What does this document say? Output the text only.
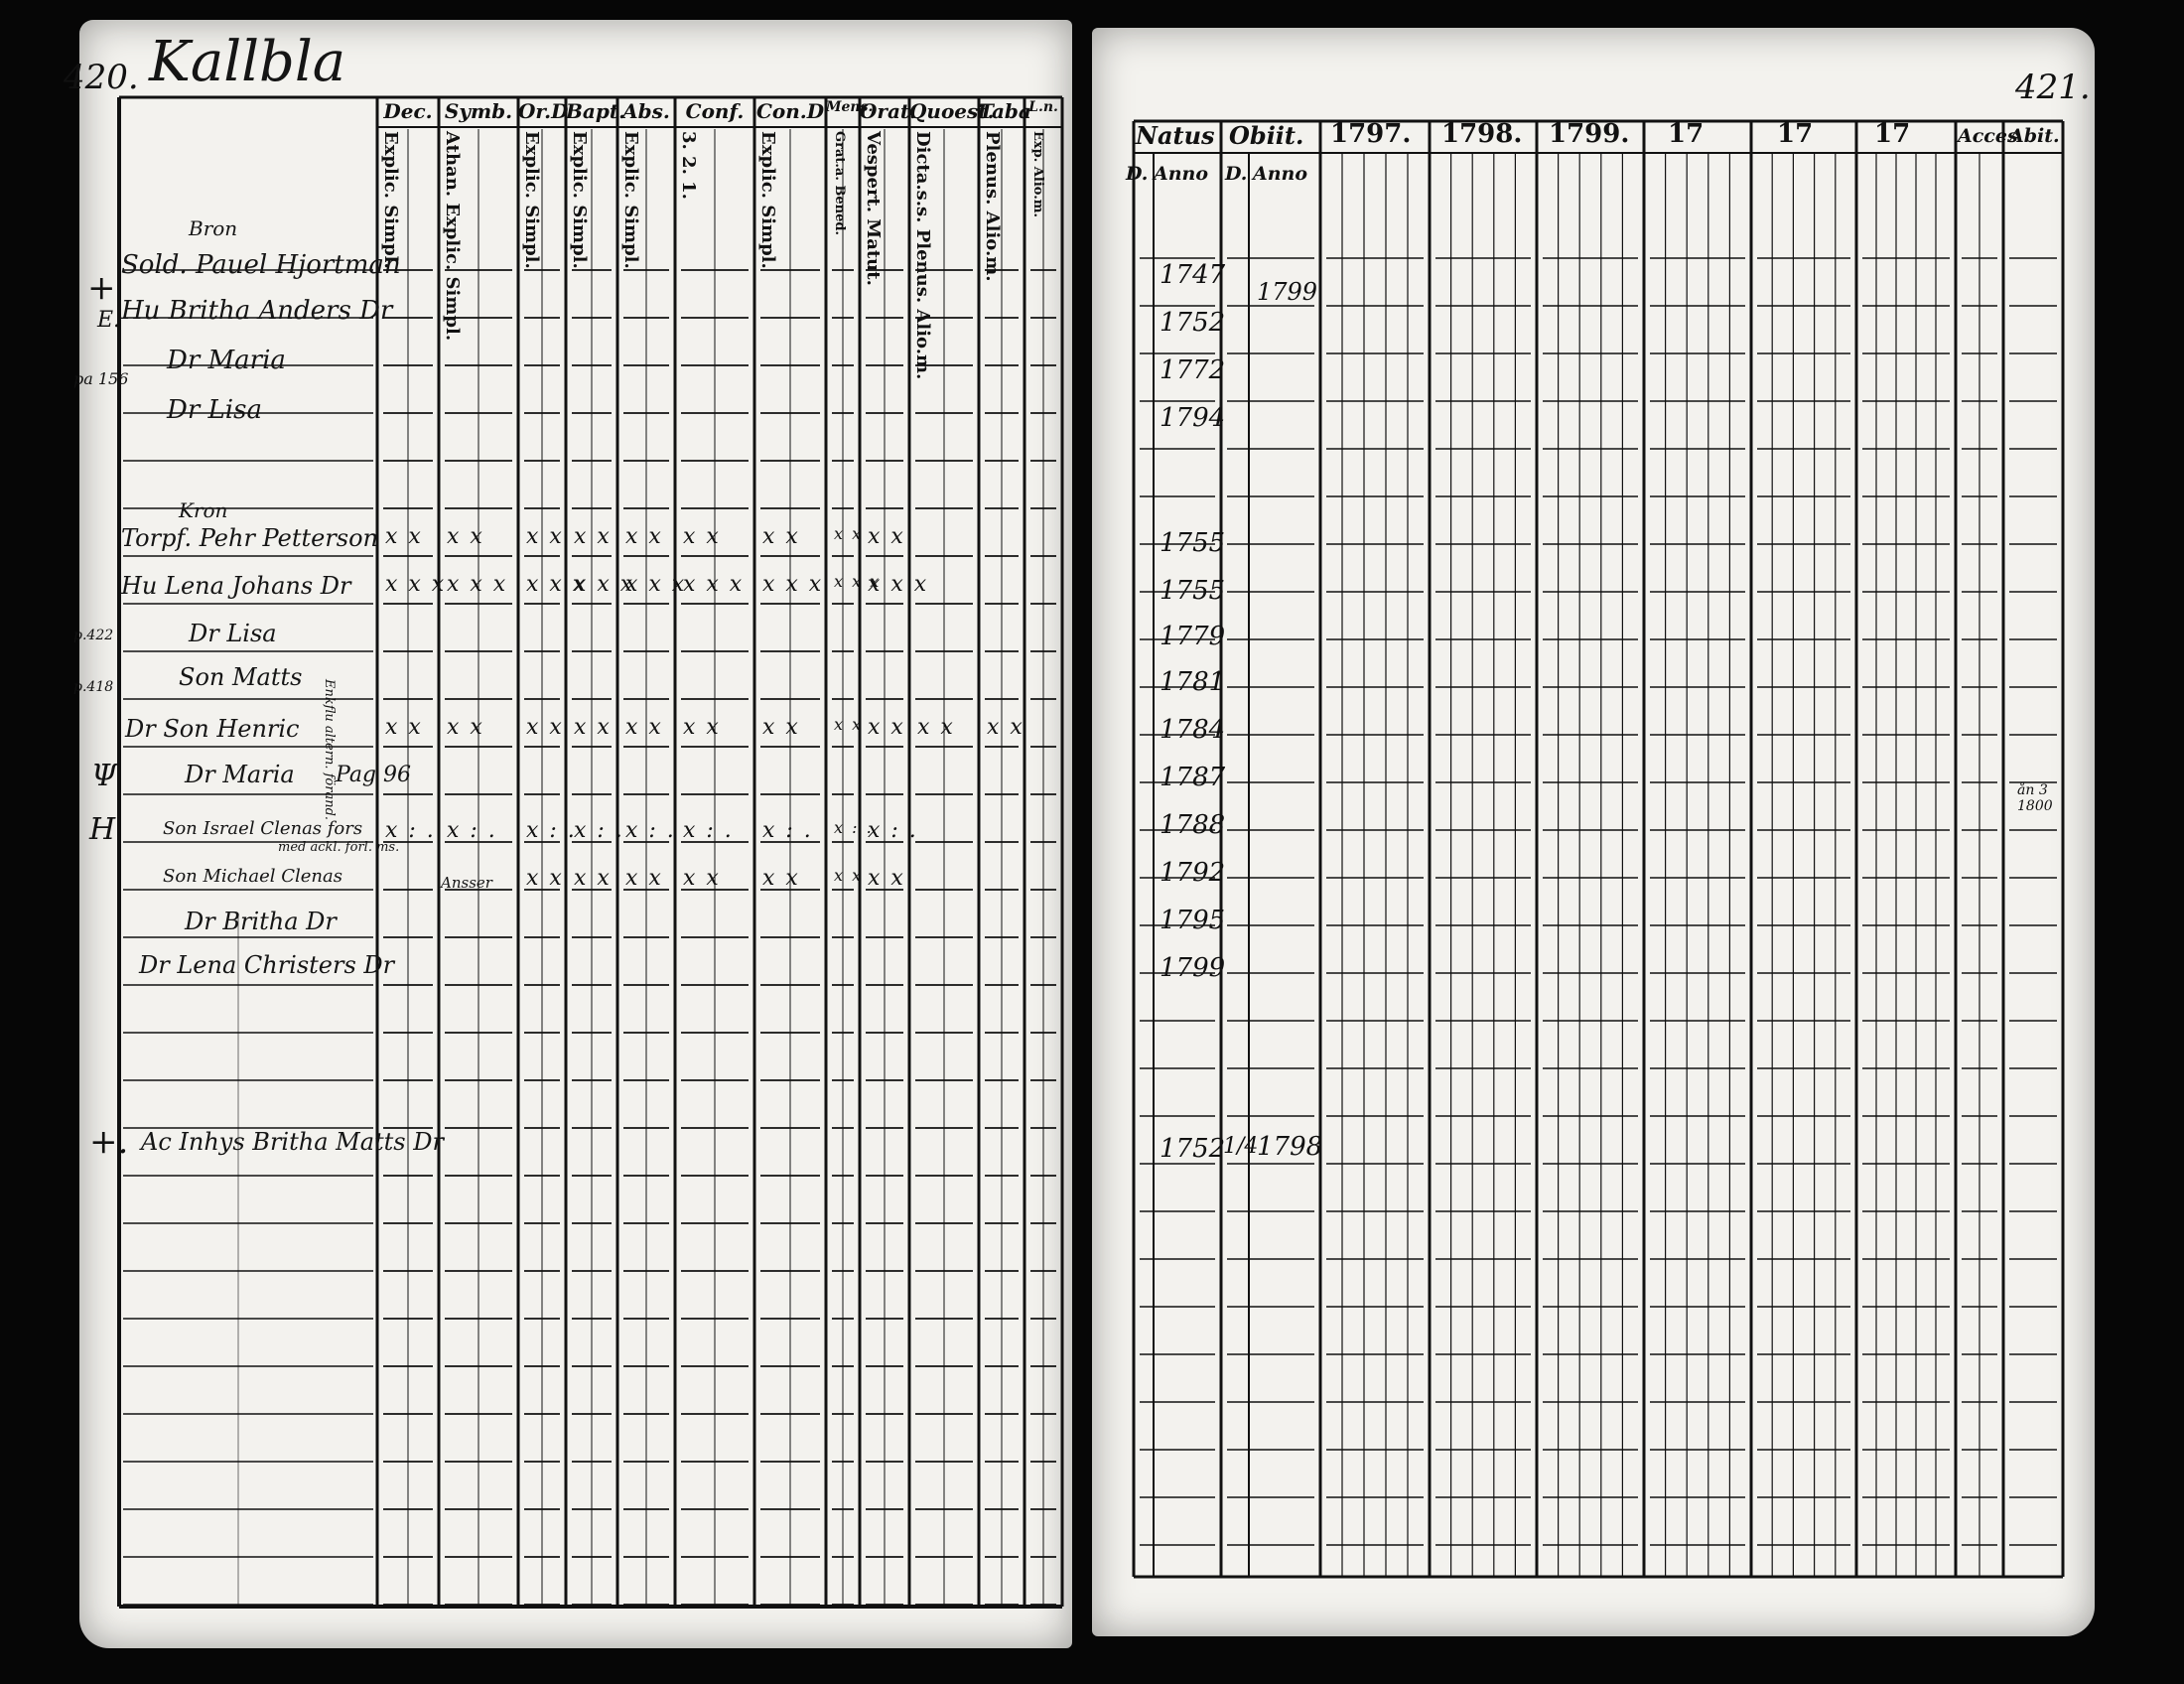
420. Kallbla
Dec.
Explic. Simpl.
Symb.
Athan. Explic. Simpl.
Or.D
Explic. Simpl.
Bapt.
Explic. Simpl.
Abs.
Explic. Simpl.
Conf.
3. 2. 1.
Con.D
Explic. Simpl.
Mens.
Grat.a. Bened.
Orat.
Vespert. Matut.
Quoest.
Dicta.s.s. Plenus. Alio.m.
Taba
Plenus. Alio.m.
L.n.
Exp. Alio.m.
Bron
Sold. Pauel Hjortman
Hu Britha Anders Dr
Dr Maria
Dr Lisa
Kron
Torpf. Pehr Petterson
Hu Lena Johans Dr
Dr Lisa
Son Matts
Dr Son Henric
Dr Maria
Son Israel Clenas fors
Son Michael Clenas
Dr Britha Dr
Dr Lena Christers Dr
Ac Inhys Britha Matts Dr
+
E.
pa 156
p.422
p.418
Ψ
H
+.
Pag 96
Enkflu altern. förand.
med ackl. förl. ms.
Ansser
x x x x x x x x x x x x x x x x x x
x x x x x x x x x
x x x
x x x
x x x x x x x x x
x x x
x x x x x x x x x x x x x x x x x x x x x x
x : . x : . x : .
x : . x : . x : . x : . x : .
x : .
x x x x x x x x x x x x x x
421.
Natus Obiit. 1797. 1798. 1799. 17	17 17	Acces
Abit.
D. Anno D. Anno
1747
1752
1772
1794
1755
1755
1779
1781
1784
1787
1788
1792
1795
1799
1752
1799
1/4
1798
ån 3 1800
